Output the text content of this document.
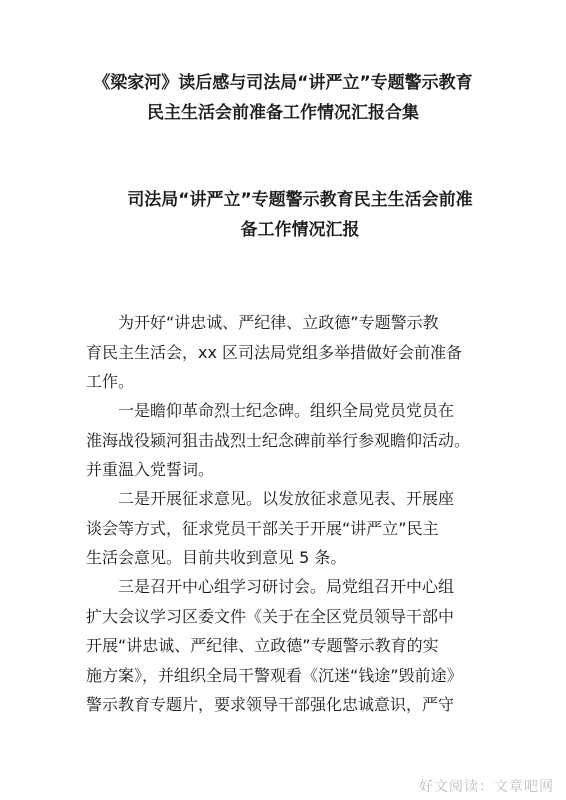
《梁家河》读后感与司法局“讲严立”专题警示教育
民主生活会前准备工作情况汇报合集
司法局“讲严立”专题警示教育民主生活会前准
备工作情况汇报

　　为开好“讲忠诚、严纪律、立政德”专题警示教
育民主生活会，xx 区司法局党组多举措做好会前准备
工作。

　　一是瞻仰革命烈士纪念碑。组织全局党员党员在
淮海战役颍河狙击战烈士纪念碑前举行参观瞻仰活动。
并重温入党誓词。

　　二是开展征求意见。以发放征求意见表、开展座
谈会等方式，征求党员干部关于开展“讲严立”民主
生活会意见。目前共收到意见 5 条。

　　三是召开中心组学习研讨会。局党组召开中心组
扩大会议学习区委文件《关于在全区党员领导干部中
开展“讲忠诚、严纪律、立政德”专题警示教育的实
施方案》，并组织全局干警观看《沉迷“钱途”毁前途》
警示教育专题片，要求领导干部强化忠诚意识，严守

好文阅读：文章吧网
